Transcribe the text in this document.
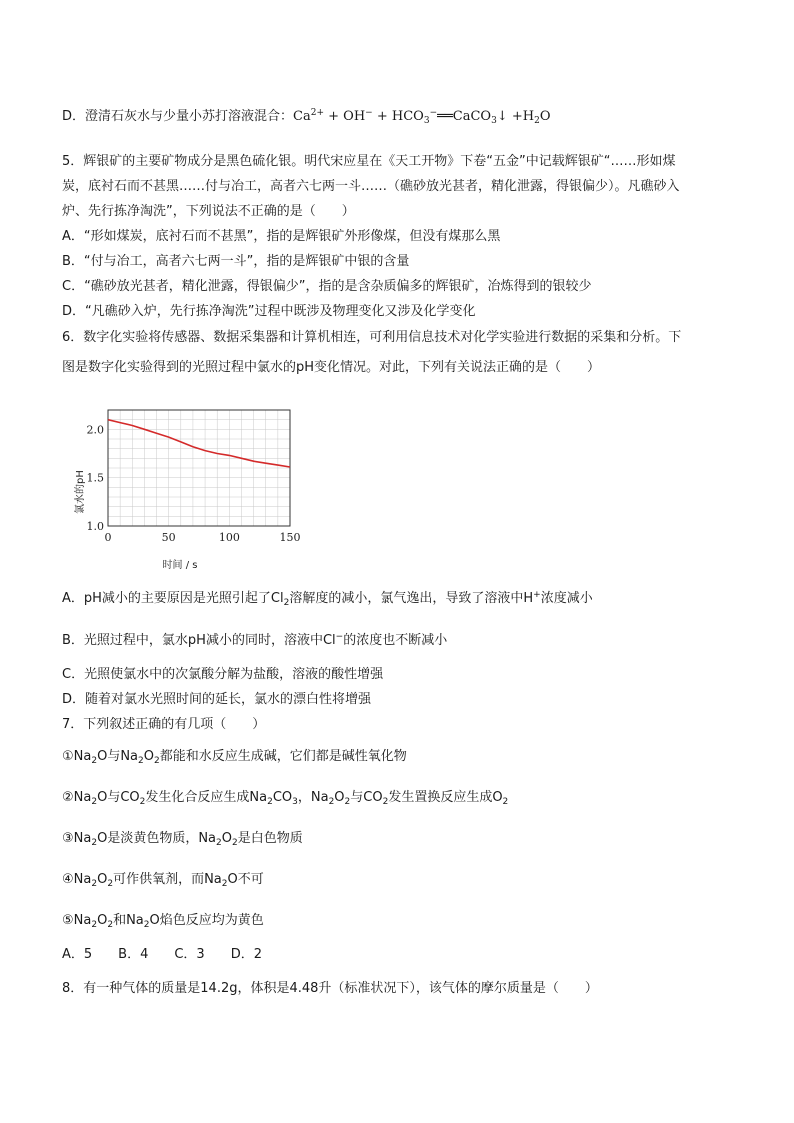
D．澄清石灰水与少量小苏打溶液混合：$Ca^{2+} + OH^-$ + $HCO_3^-══CaCO_3↓ +H_2O$
5．辉银矿的主要矿物成分是黑色硫化银。明代宋应星在《天工开物》下卷“五金”中记载辉银矿“……形如煤
炭，底衬石而不甚黑……付与冶工，高者六七两一斗……（礁砂放光甚者，精化泄露，得银偏少）。凡礁砂入
炉、先行拣净淘洗”，下列说法不正确的是（　　）
A．“形如煤炭，底衬石而不甚黑”，指的是辉银矿外形像煤，但没有煤那么黑
B．“付与冶工，高者六七两一斗”，指的是辉银矿中银的含量
C．“礁砂放光甚者，精化泄露，得银偏少”，指的是含杂质偏多的辉银矿，冶炼得到的银较少
D．“凡礁砂入炉，先行拣净淘洗”过程中既涉及物理变化又涉及化学变化
6．数字化实验将传感器、数据采集器和计算机相连，可利用信息技术对化学实验进行数据的采集和分析。下
图是数字化实验得到的光照过程中氯水的pH变化情况。对此，下列有关说法正确的是（　　）
1.0
1.5
2.0
0	50	100	150
氯水的pH
时间 / s
A．pH减小的主要原因是光照引起了$Cl_2$溶解度的减小，氯气逸出，导致了溶液中H+浓度减小
B．光照过程中，氯水pH减小的同时，溶液中Cl−的浓度也不断减小
C．光照使氯水中的次氯酸分解为盐酸，溶液的酸性增强
D．随着对氯水光照时间的延长，氯水的漂白性将增强
7．下列叙述正确的有几项（　　）
$①Na_2O$与$Na_2O_2$都能和水反应生成碱，它们都是碱性氧化物
$②Na_2O$与$CO_2$发生化合反应生成$Na_2CO_3$，$Na_2O_2$与$CO_2$发生置换反应生成$O_2$
$③Na_2O$是淡黄色物质，$Na_2O_2$是白色物质
$④Na_2O_2$可作供氧剂，而$Na_2O$不可
$⑤Na_2O_2$和$Na_2O$焰色反应均为黄色
A．5　　B．4　　C．3　　D．2
8．有一种气体的质量是14.2g，体积是4.48升（标准状况下），该气体的摩尔质量是（　　）
